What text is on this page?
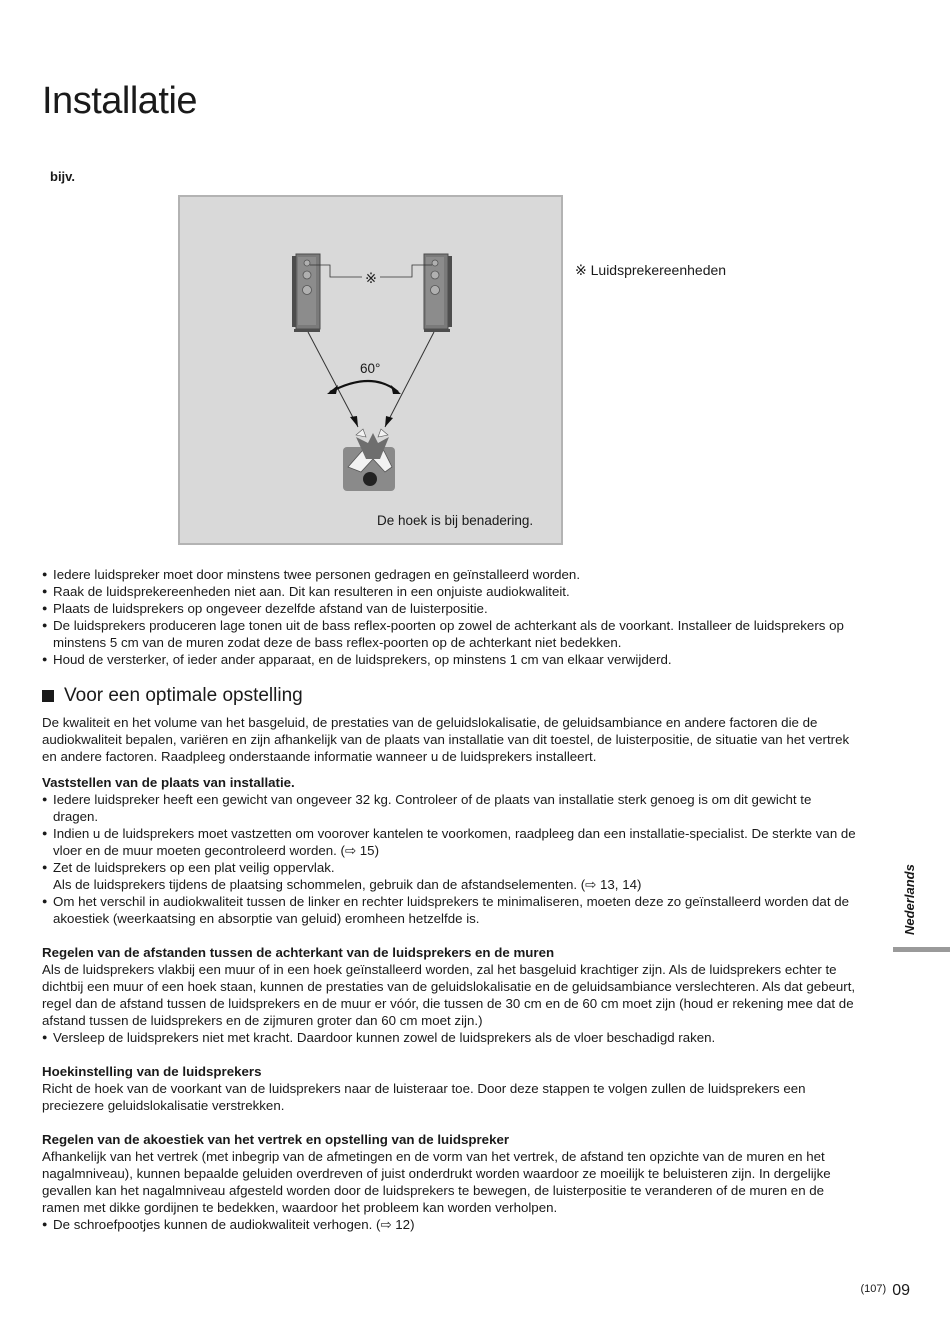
Installatie
bijv.
※
60°
De hoek is bij benadering.
※ Luidsprekereenheden
● Iedere luidspreker moet door minstens twee personen gedragen en geïnstalleerd worden.
● Raak de luidsprekereenheden niet aan. Dit kan resulteren in een onjuiste audiokwaliteit.
● Plaats de luidsprekers op ongeveer dezelfde afstand van de luisterpositie.
● De luidsprekers produceren lage tonen uit de bass reflex-poorten op zowel de achterkant als de voorkant. Installeer de luidsprekers op minstens 5 cm van de muren zodat deze de bass reflex-poorten op de achterkant niet bedekken.
● Houd de versterker, of ieder ander apparaat, en de luidsprekers, op minstens 1 cm van elkaar verwijderd.
Voor een optimale opstelling

De kwaliteit en het volume van het basgeluid, de prestaties van de geluidslokalisatie, de geluidsambiance en andere factoren die de audiokwaliteit bepalen, variëren en zijn afhankelijk van de plaats van installatie van dit toestel, de luisterpositie, de situatie van het vertrek en andere factoren. Raadpleeg onderstaande informatie wanneer u de luidsprekers installeert.

Vaststellen van de plaats van installatie.

● Iedere luidspreker heeft een gewicht van ongeveer 32 kg. Controleer of de plaats van installatie sterk genoeg is om dit gewicht te dragen.
● Indien u de luidsprekers moet vastzetten om voorover kantelen te voorkomen, raadpleeg dan een installatie-specialist. De sterkte van de vloer en de muur moeten gecontroleerd worden. (⇨ 15)
● Zet de luidsprekers op een plat veilig oppervlak.
Als de luidsprekers tijdens de plaatsing schommelen, gebruik dan de afstandselementen. (⇨ 13, 14)
● Om het verschil in audiokwaliteit tussen de linker en rechter luidsprekers te minimaliseren, moeten deze zo geïnstalleerd worden dat de akoestiek (weerkaatsing en absorptie van geluid) eromheen hetzelfde is.

Regelen van de afstanden tussen de achterkant van de luidsprekers en de muren

Als de luidsprekers vlakbij een muur of in een hoek geïnstalleerd worden, zal het basgeluid krachtiger zijn. Als de luidsprekers echter te dichtbij een muur of een hoek staan, kunnen de prestaties van de geluidslokalisatie en de geluidsambiance verslechteren. Als dat gebeurt, regel dan de afstand tussen de luidsprekers en de muur er vóór, die tussen de 30 cm en de 60 cm moet zijn (houd er rekening mee dat de afstand tussen de luidsprekers en de zijmuren groter dan 60 cm moet zijn.)

● Versleep de luidsprekers niet met kracht. Daardoor kunnen zowel de luidsprekers als de vloer beschadigd raken.

Hoekinstelling van de luidsprekers

Richt de hoek van de voorkant van de luidsprekers naar de luisteraar toe. Door deze stappen te volgen zullen de luidsprekers een preciezere geluidslokalisatie verstrekken.

Regelen van de akoestiek van het vertrek en opstelling van de luidspreker

Afhankelijk van het vertrek (met inbegrip van de afmetingen en de vorm van het vertrek, de afstand ten opzichte van de muren en het nagalmniveau), kunnen bepaalde geluiden overdreven of juist onderdrukt worden waardoor ze moeilijk te beluisteren zijn. In dergelijke gevallen kan het nagalmniveau afgesteld worden door de luidsprekers te bewegen, de luisterpositie te veranderen of de muren en de ramen met dikke gordijnen te bedekken, waardoor het probleem kan worden verholpen.

● De schroefpootjes kunnen de audiokwaliteit verhogen. (⇨ 12)
Nederlands
(107) 09
